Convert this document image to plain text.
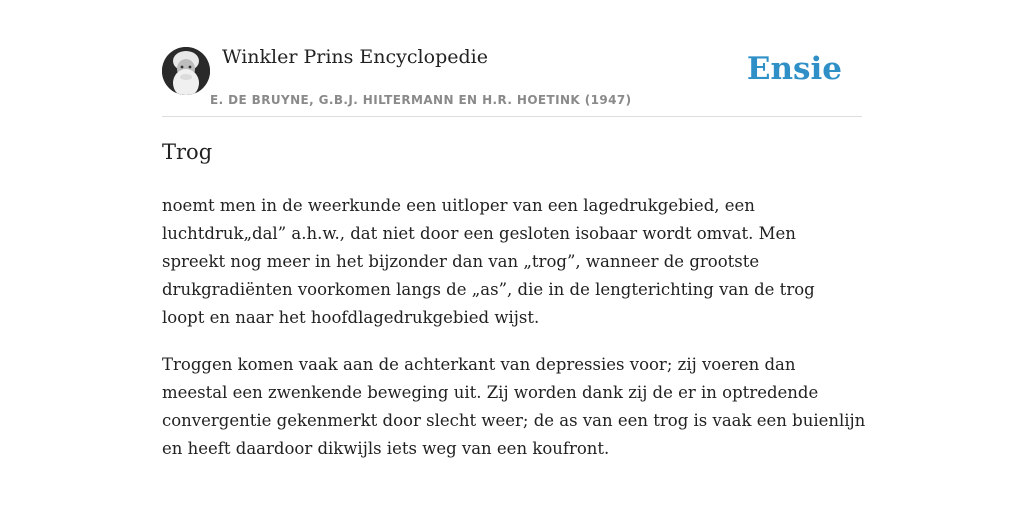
Winkler Prins Encyclopedie
E. DE BRUYNE, G.B.J. HILTERMANN EN H.R. HOETINK (1947)
Ensie
Trog

noemt men in de weerkunde een uitloper van een lagedrukgebied, een
luchtdruk„dal” a.h.w., dat niet door een gesloten isobaar wordt omvat. Men
spreekt nog meer in het bijzonder dan van „trog”, wanneer de grootste
drukgradiënten voorkomen langs de „as”, die in de lengterichting van de trog
loopt en naar het hoofdlagedrukgebied wijst.

Troggen komen vaak aan de achterkant van depressies voor; zij voeren dan
meestal een zwenkende beweging uit. Zij worden dank zij de er in optredende
convergentie gekenmerkt door slecht weer; de as van een trog is vaak een buienlijn
en heeft daardoor dikwijls iets weg van een koufront.
